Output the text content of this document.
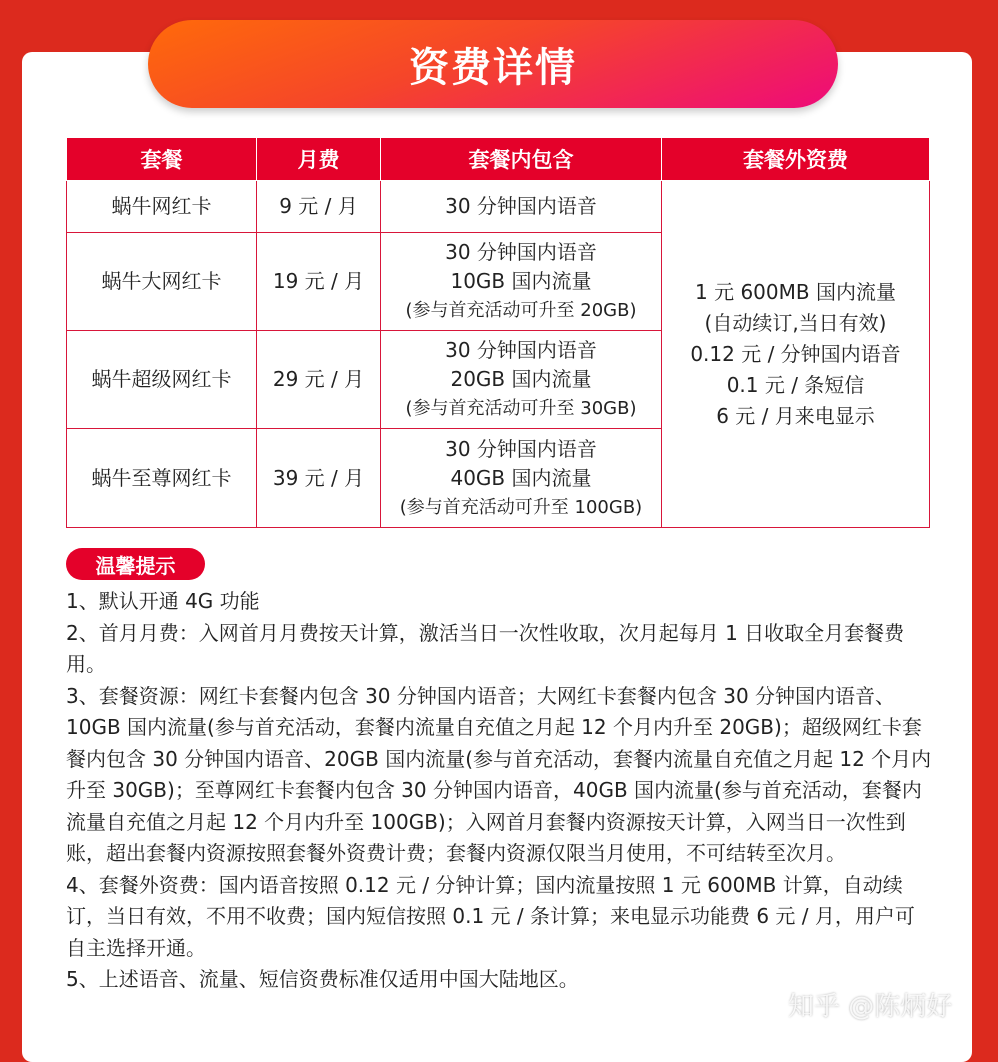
资费详情
套餐	月费	套餐内包含	套餐外资费
蜗牛网红卡	9 元 / 月	30 分钟国内语音	1 元 600MB 国内流量
(自动续订,当日有效)
0.12 元 / 分钟国内语音
0.1 元 / 条短信
6 元 / 月来电显示

蜗牛大网红卡	19 元 / 月	30 分钟国内语音
10GB 国内流量
(参与首充活动可升至 20GB)	

蜗牛超级网红卡	29 元 / 月	30 分钟国内语音
20GB 国内流量
(参与首充活动可升至 30GB)	

蜗牛至尊网红卡	39 元 / 月	30 分钟国内语音
40GB 国内流量
(参与首充活动可升至 100GB)	
温馨提示

1、默认开通 4G 功能

2、首月月费：入网首月月费按天计算，激活当日一次性收取，次月起每月 1 日收取全月套餐费用。

3、套餐资源：网红卡套餐内包含 30 分钟国内语音；大网红卡套餐内包含 30 分钟国内语音、10GB 国内流量(参与首充活动，套餐内流量自充值之月起 12 个月内升至 20GB)；超级网红卡套餐内包含 30 分钟国内语音、20GB 国内流量(参与首充活动，套餐内流量自充值之月起 12 个月内升至 30GB)；至尊网红卡套餐内包含 30 分钟国内语音，40GB 国内流量(参与首充活动，套餐内流量自充值之月起 12 个月内升至 100GB)；入网首月套餐内资源按天计算，入网当日一次性到账，超出套餐内资源按照套餐外资费计费；套餐内资源仅限当月使用，不可结转至次月。

4、套餐外资费：国内语音按照 0.12 元 / 分钟计算；国内流量按照 1 元 600MB 计算，自动续订，当日有效，不用不收费；国内短信按照 0.1 元 / 条计算；来电显示功能费 6 元 / 月，用户可自主选择开通。

5、上述语音、流量、短信资费标准仅适用中国大陆地区。

知乎 @陈炳好
